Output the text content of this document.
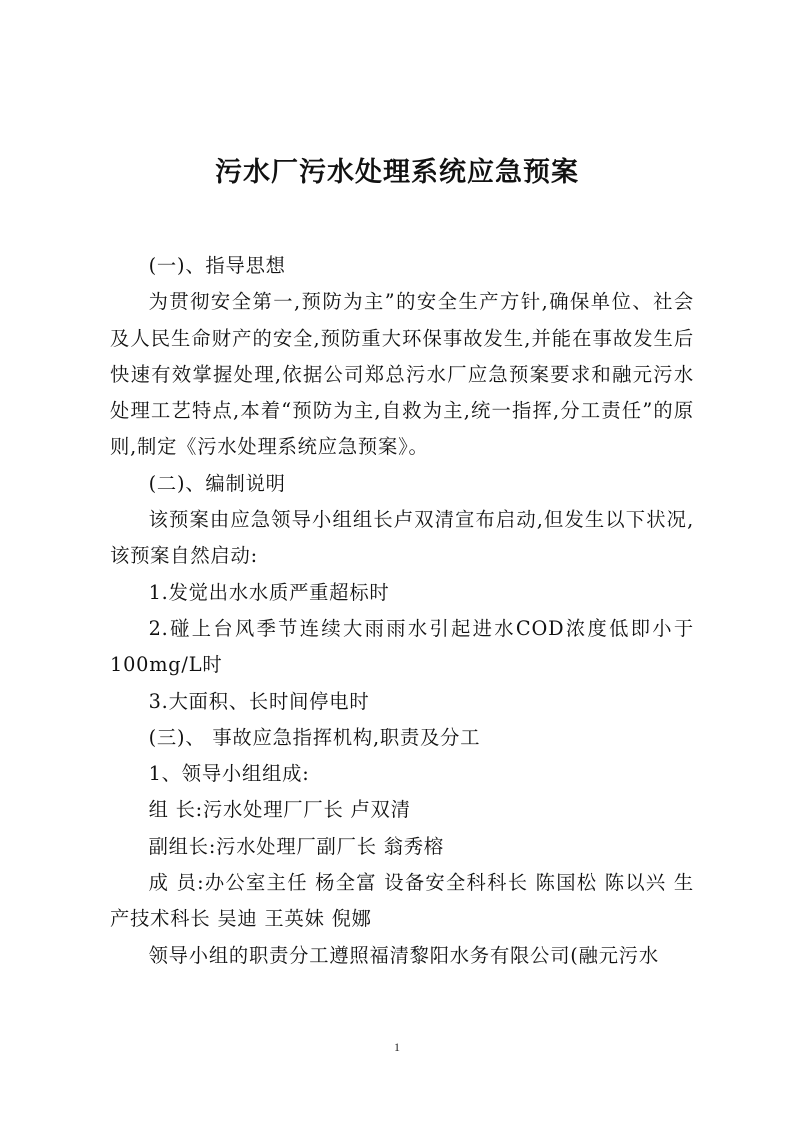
污水厂污水处理系统应急预案

(一)、指导思想

为贯彻安全第一,预防为主”的安全生产方针,确保单位、社会及人民生命财产的安全,预防重大环保事故发生,并能在事故发生后快速有效掌握处理,依据公司郑总污水厂应急预案要求和融元污水处理工艺特点,本着“预防为主,自救为主,统一指挥,分工责任”的原则,制定《污水处理系统应急预案》。

(二)、编制说明

该预案由应急领导小组组长卢双清宣布启动,但发生以下状况,该预案自然启动:

1.发觉出水水质严重超标时

2.碰上台风季节连续大雨雨水引起进水COD浓度低即小于100mg/L时

3.大面积、长时间停电时

(三)、 事故应急指挥机构,职责及分工

1、领导小组组成:

组 长:污水处理厂厂长 卢双清

副组长:污水处理厂副厂长 翁秀榕

成 员:办公室主任 杨全富 设备安全科科长 陈国松 陈以兴 生产技术科长 吴迪 王英妹 倪娜

领导小组的职责分工遵照福清黎阳水务有限公司(融元污水

1
